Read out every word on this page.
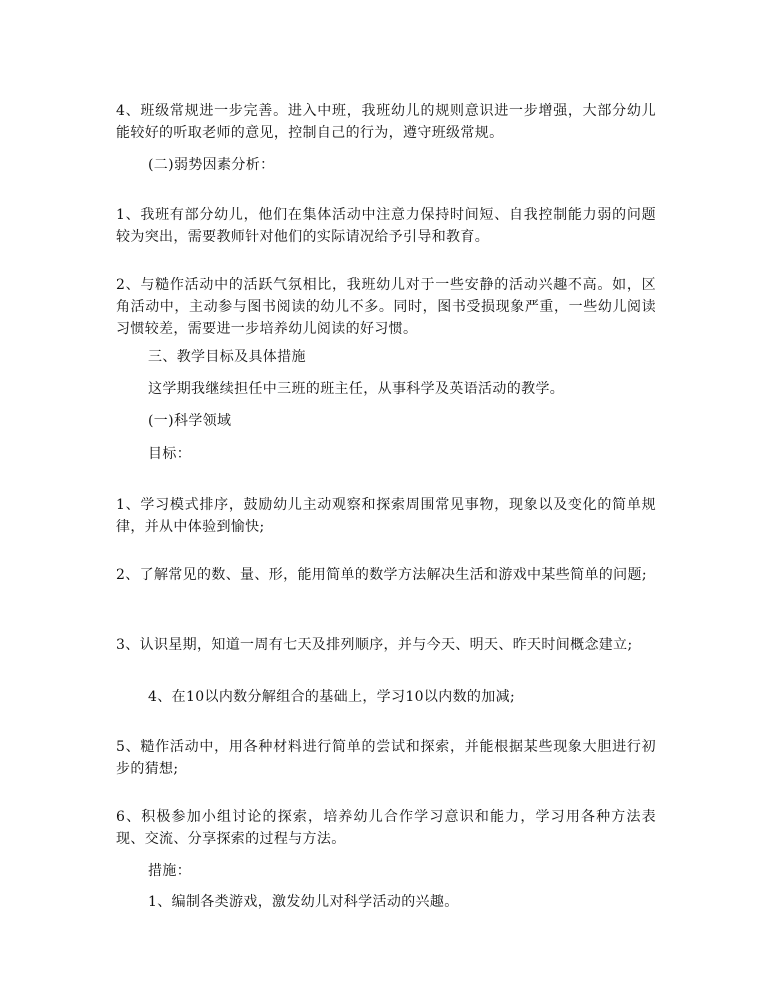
4、班级常规进一步完善。进入中班，我班幼儿的规则意识进一步增强，大部分幼儿能较好的听取老师的意见，控制自己的行为，遵守班级常规。
(二)弱势因素分析：
1、我班有部分幼儿，他们在集体活动中注意力保持时间短、自我控制能力弱的问题较为突出，需要教师针对他们的实际请况给予引导和教育。
2、与糙作活动中的活跃气氛相比，我班幼儿对于一些安静的活动兴趣不高。如，区角活动中，主动参与图书阅读的幼儿不多。同时，图书受损现象严重，一些幼儿阅读习惯较差，需要进一步培养幼儿阅读的好习惯。
三、教学目标及具体措施
这学期我继续担任中三班的班主任，从事科学及英语活动的教学。
(一)科学领域
目标：
1、学习模式排序，鼓励幼儿主动观察和探索周围常见事物，现象以及变化的简单规律，并从中体验到愉快;
2、了解常见的数、量、形，能用简单的数学方法解决生活和游戏中某些简单的问题;
3、认识星期，知道一周有七天及排列顺序，并与今天、明天、昨天时间概念建立;
4、在10以内数分解组合的基础上，学习10以内数的加减;
5、糙作活动中，用各种材料进行简单的尝试和探索，并能根据某些现象大胆进行初步的猜想;
6、积极参加小组讨论的探索，培养幼儿合作学习意识和能力，学习用各种方法表现、交流、分享探索的过程与方法。
措施：
1、编制各类游戏，激发幼儿对科学活动的兴趣。
